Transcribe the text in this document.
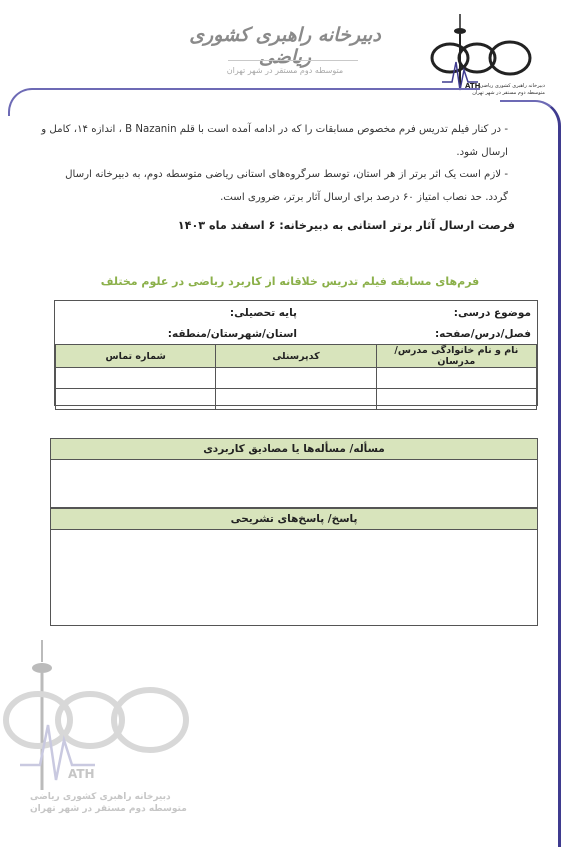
دبیرخانه راهبری کشوری ریاضی
متوسطه دوم مستقر در شهر تهران
ATH دبیرخانه راهبری کشوری ریاضی
متوسطه دوم مستقر در شهر تهران

- در کنار فیلم تدریس فرم مخصوص مسابقات را که در ادامه آمده است با قلم B Nazanin ، اندازه ۱۴، کامل و ارسال شود.

- لازم است یک اثر برتر از هر استان، توسط سرگروه‌های استانی ریاضی متوسطه دوم، به دبیرخانه ارسال گردد. حد نصاب امتیاز ۶۰ درصد برای ارسال آثار برتر، ضروری است.

فرصت ارسال آثار برتر استانی به دبیرخانه: ۶ اسفند ماه ۱۴۰۳
فرم‌های مسابقه فیلم تدریس خلاقانه از کاربرد ریاضی در علوم مختلف
موضوع درسی:
پایه تحصیلی:
فصل/درس/صفحه:
استان/شهرستان/منطقه:
شماره تماس	کدپرسنلی	نام و نام خانوادگی مدرس/مدرسان

مسأله/ مسأله‌ها یا مصادیق کاربردی
پاسخ/ پاسخ‌های تشریحی
ATH
دبیرخانه راهبری کشوری ریاضی
متوسطه دوم مستقر در شهر تهران
